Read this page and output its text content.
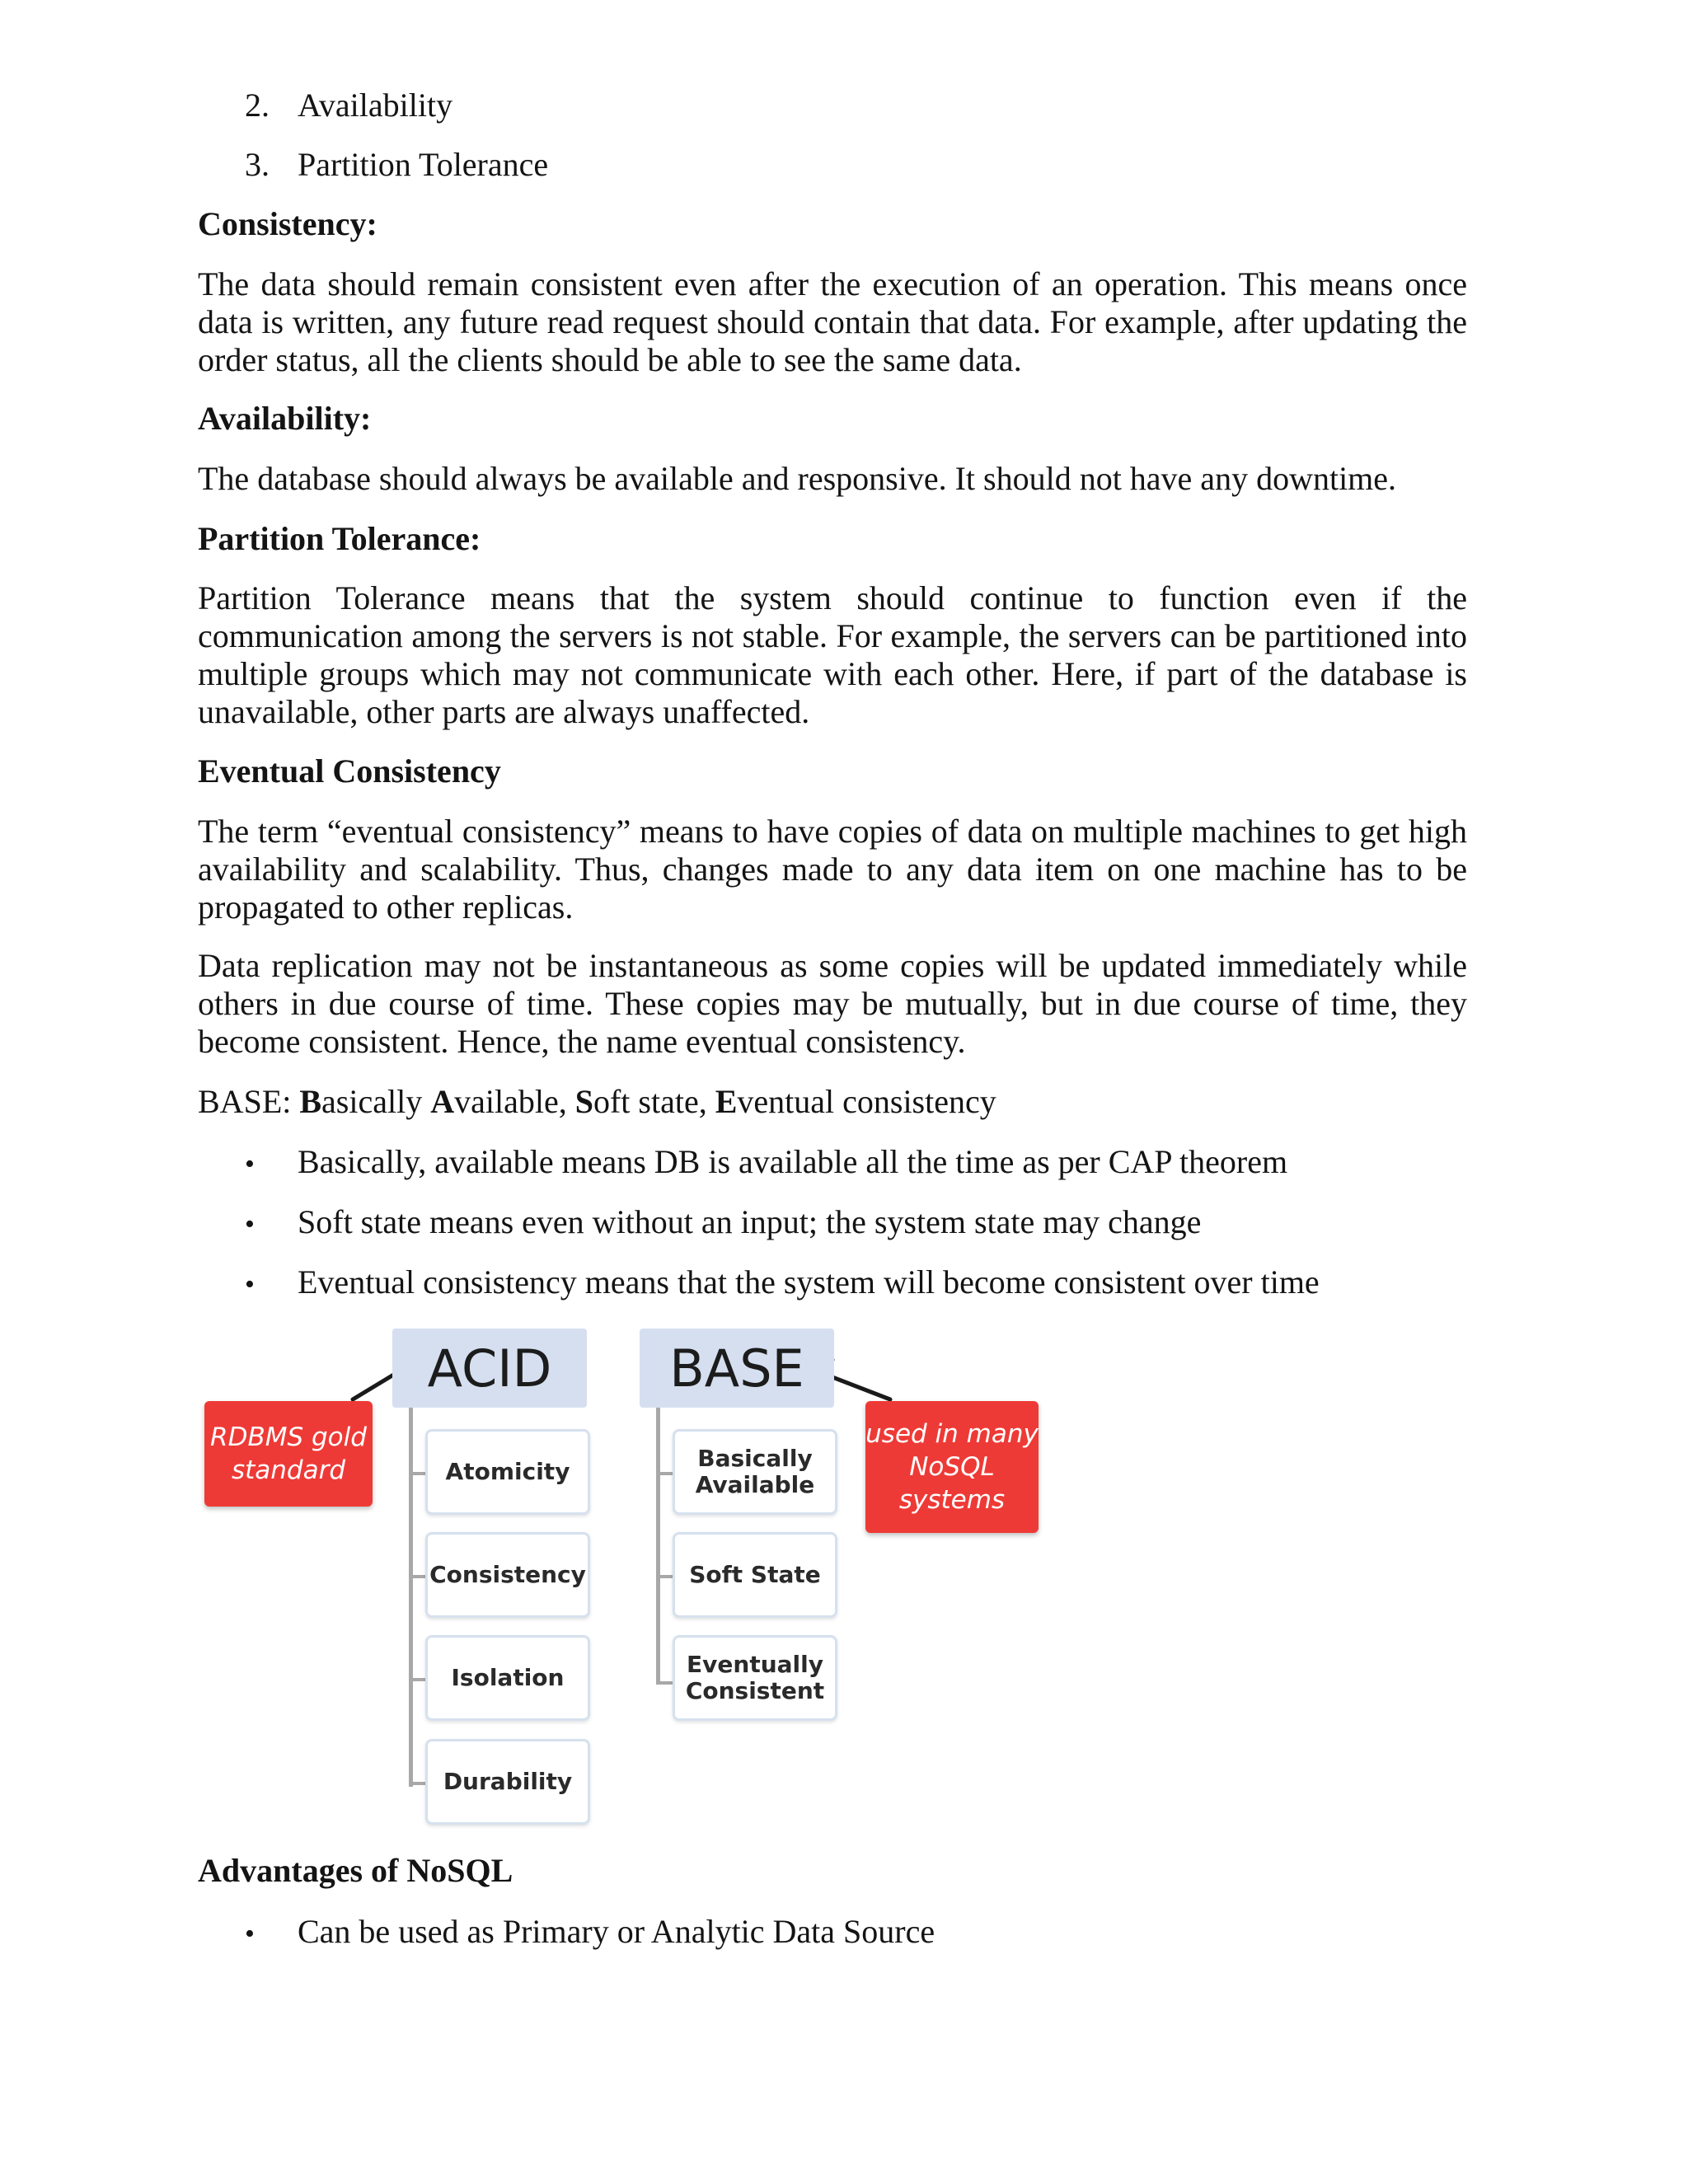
2. Availability
3. Partition Tolerance
Consistency:
The data should remain consistent even after the execution of an operation. This means once data is written, any future read request should contain that data. For example, after updating the order status, all the clients should be able to see the same data.
Availability:
The database should always be available and responsive. It should not have any downtime.
Partition Tolerance:
Partition Tolerance means that the system should continue to function even if the communication among the servers is not stable. For example, the servers can be partitioned into multiple groups which may not communicate with each other. Here, if part of the database is unavailable, other parts are always unaffected.
Eventual Consistency
The term “eventual consistency” means to have copies of data on multiple machines to get high availability and scalability. Thus, changes made to any data item on one machine has to be propagated to other replicas.
Data replication may not be instantaneous as some copies will be updated immediately while others in due course of time. These copies may be mutually, but in due course of time, they become consistent. Hence, the name eventual consistency.
BASE: Basically Available, Soft state, Eventual consistency
• Basically, available means DB is available all the time as per CAP theorem
• Soft state means even without an input; the system state may change
• Eventual consistency means that the system will become consistent over time
ACID
Atomicity
Consistency
Isolation
Durability
RDBMS gold
standard
BASE
Basically
Available
Soft State
Eventually
Consistent
used in many
NoSQL
systems
Advantages of NoSQL
• Can be used as Primary or Analytic Data Source
